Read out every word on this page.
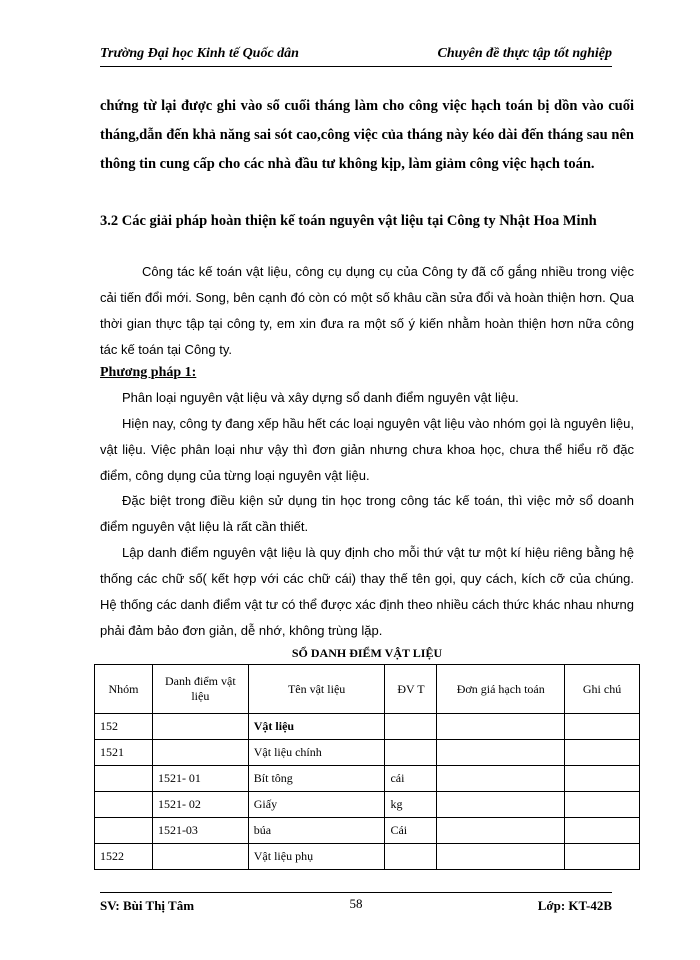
Trường Đại học Kinh tế Quốc dân	Chuyên đề thực tập tốt nghiệp
chứng từ lại được ghi vào sổ cuối tháng làm cho công việc hạch toán bị dồn vào cuối tháng,dẫn đến khả năng sai sót cao,công việc của tháng này kéo dài đến tháng sau nên thông tin cung cấp cho các nhà đầu tư không kịp, làm giảm công việc hạch toán.
3.2 Các giải pháp hoàn thiện kế toán nguyên vật liệu tại Công ty Nhật Hoa Minh
Công tác kế toán vật liệu, công cụ dụng cụ của Công ty đã cố gắng nhiều trong việc cải tiến đổi mới. Song, bên cạnh đó còn có một số khâu cần sửa đổi và hoàn thiện hơn. Qua thời gian thực tập tại công ty, em xin đưa ra một số ý kiến nhằm hoàn thiện hơn nữa công tác kế toán tại Công ty.
Phương pháp 1:
Phân loại nguyên vật liệu và xây dựng sổ danh điểm nguyên vật liệu.
Hiện nay, công ty đang xếp hầu hết các loại nguyên vật liệu vào nhóm gọi là nguyên liệu, vật liệu. Việc phân loại như vậy thì đơn giản nhưng chưa khoa học, chưa thể hiểu rõ đặc điểm, công dụng của từng loại nguyên vật liệu.
Đặc biệt trong điều kiện sử dụng tin học trong công tác kế toán, thì việc mở sổ doanh điểm nguyên vật liệu là rất cần thiết.
Lập danh điểm nguyên vật liệu là quy định cho mỗi thứ vật tư một kí hiệu riêng bằng hệ thống các chữ số( kết hợp với các chữ cái) thay thế tên gọi, quy cách, kích cỡ của chúng. Hệ thống các danh điểm vật tư có thể được xác định theo nhiều cách thức khác nhau nhưng phải đảm bảo đơn giản, dễ nhớ, không trùng lặp.
SỔ DANH ĐIỂM VẬT LIỆU
Nhóm	Danh điểm vật liệu	Tên vật liệu	ĐV T	Đơn giá hạch toán	Ghi chú
152		Vật liệu			
1521		Vật liệu chính			
	1521- 01	Bít tông	cái		
	1521- 02	Giấy	kg		
	1521-03	búa	Cái		
1522		Vật liệu phụ			
SV: Bùi Thị Tâm	58	Lớp: KT-42B
